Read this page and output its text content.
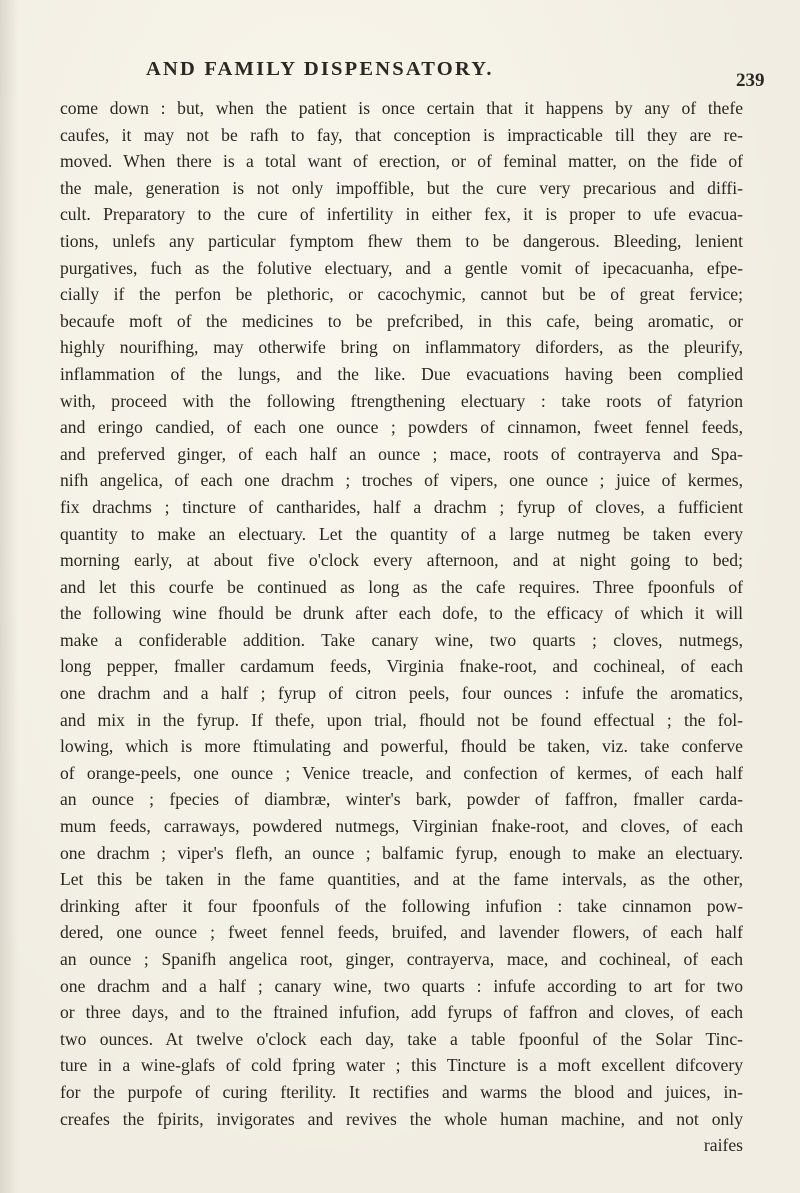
AND FAMILY DISPENSATORY.
239
come down : but, when the patient is once certain that it happens by any of thefe
caufes, it may not be rafh to fay, that conception is impracticable till they are re-
moved. When there is a total want of erection, or of feminal matter, on the fide of
the male, generation is not only impoffible, but the cure very precarious and diffi-
cult. Preparatory to the cure of infertility in either fex, it is proper to ufe evacua-
tions, unlefs any particular fymptom fhew them to be dangerous. Bleeding, lenient
purgatives, fuch as the folutive electuary, and a gentle vomit of ipecacuanha, efpe-
cially if the perfon be plethoric, or cacochymic, cannot but be of great fervice;
becaufe moft of the medicines to be prefcribed, in this cafe, being aromatic, or
highly nourifhing, may otherwife bring on inflammatory diforders, as the pleurify,
inflammation of the lungs, and the like. Due evacuations having been complied
with, proceed with the following ftrengthening electuary : take roots of fatyrion
and eringo candied, of each one ounce ; powders of cinnamon, fweet fennel feeds,
and preferved ginger, of each half an ounce ; mace, roots of contrayerva and Spa-
nifh angelica, of each one drachm ; troches of vipers, one ounce ; juice of kermes,
fix drachms ; tincture of cantharides, half a drachm ; fyrup of cloves, a fufficient
quantity to make an electuary. Let the quantity of a large nutmeg be taken every
morning early, at about five o'clock every afternoon, and at night going to bed;
and let this courfe be continued as long as the cafe requires. Three fpoonfuls of
the following wine fhould be drunk after each dofe, to the efficacy of which it will
make a confiderable addition. Take canary wine, two quarts ; cloves, nutmegs,
long pepper, fmaller cardamum feeds, Virginia fnake-root, and cochineal, of each
one drachm and a half ; fyrup of citron peels, four ounces : infufe the aromatics,
and mix in the fyrup. If thefe, upon trial, fhould not be found effectual ; the fol-
lowing, which is more ftimulating and powerful, fhould be taken, viz. take conferve
of orange-peels, one ounce ; Venice treacle, and confection of kermes, of each half
an ounce ; fpecies of diambræ, winter's bark, powder of faffron, fmaller carda-
mum feeds, carraways, powdered nutmegs, Virginian fnake-root, and cloves, of each
one drachm ; viper's flefh, an ounce ; balfamic fyrup, enough to make an electuary.
Let this be taken in the fame quantities, and at the fame intervals, as the other,
drinking after it four fpoonfuls of the following infufion : take cinnamon pow-
dered, one ounce ; fweet fennel feeds, bruifed, and lavender flowers, of each half
an ounce ; Spanifh angelica root, ginger, contrayerva, mace, and cochineal, of each
one drachm and a half ; canary wine, two quarts : infufe according to art for two
or three days, and to the ftrained infufion, add fyrups of faffron and cloves, of each
two ounces. At twelve o'clock each day, take a table fpoonful of the Solar Tinc-
ture in a wine-glafs of cold fpring water ; this Tincture is a moft excellent difcovery
for the purpofe of curing fterility. It rectifies and warms the blood and juices, in-
creafes the fpirits, invigorates and revives the whole human machine, and not only
raifes
